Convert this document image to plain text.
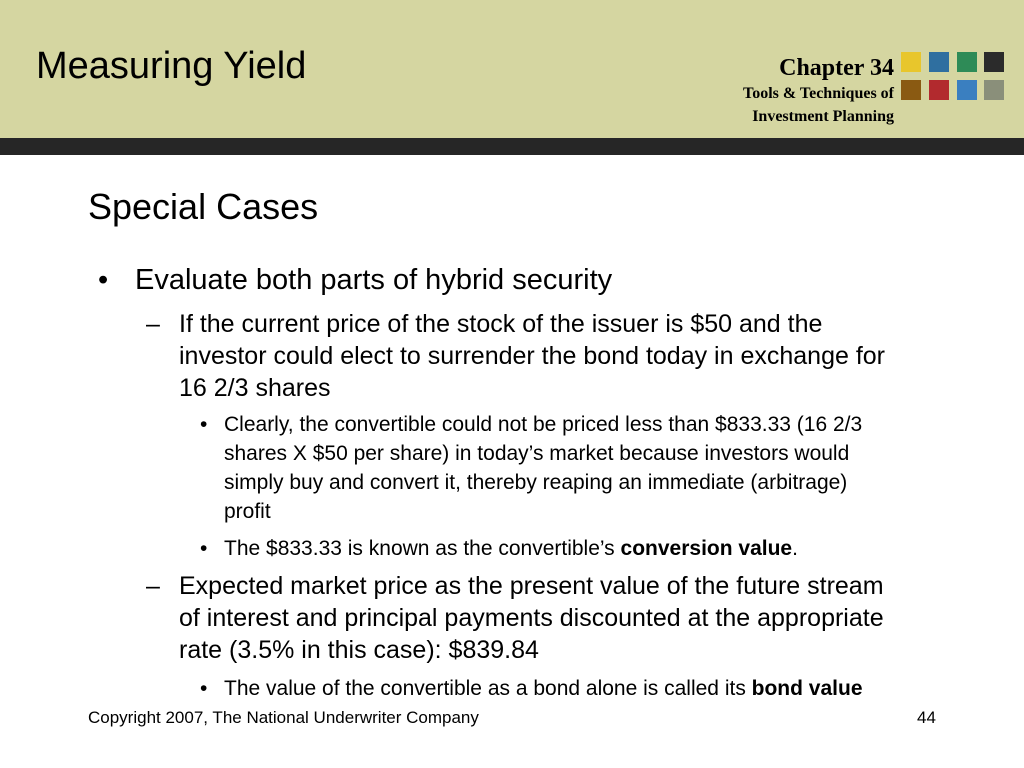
Measuring Yield	Chapter 34
Tools & Techniques of
Investment Planning
Special Cases
• Evaluate both parts of hybrid security
– If the current price of the stock of the issuer is $50 and the
investor could elect to surrender the bond today in exchange for
16 2/3 shares
• Clearly, the convertible could not be priced less than $833.33 (16 2/3
shares X $50 per share) in today’s market because investors would
simply buy and convert it, thereby reaping an immediate (arbitrage)
profit
• The $833.33 is known as the convertible’s conversion value.
– Expected market price as the present value of the future stream
of interest and principal payments discounted at the appropriate
rate (3.5% in this case): $839.84
• The value of the convertible as a bond alone is called its bond value
Copyright 2007, The National Underwriter Company	44
